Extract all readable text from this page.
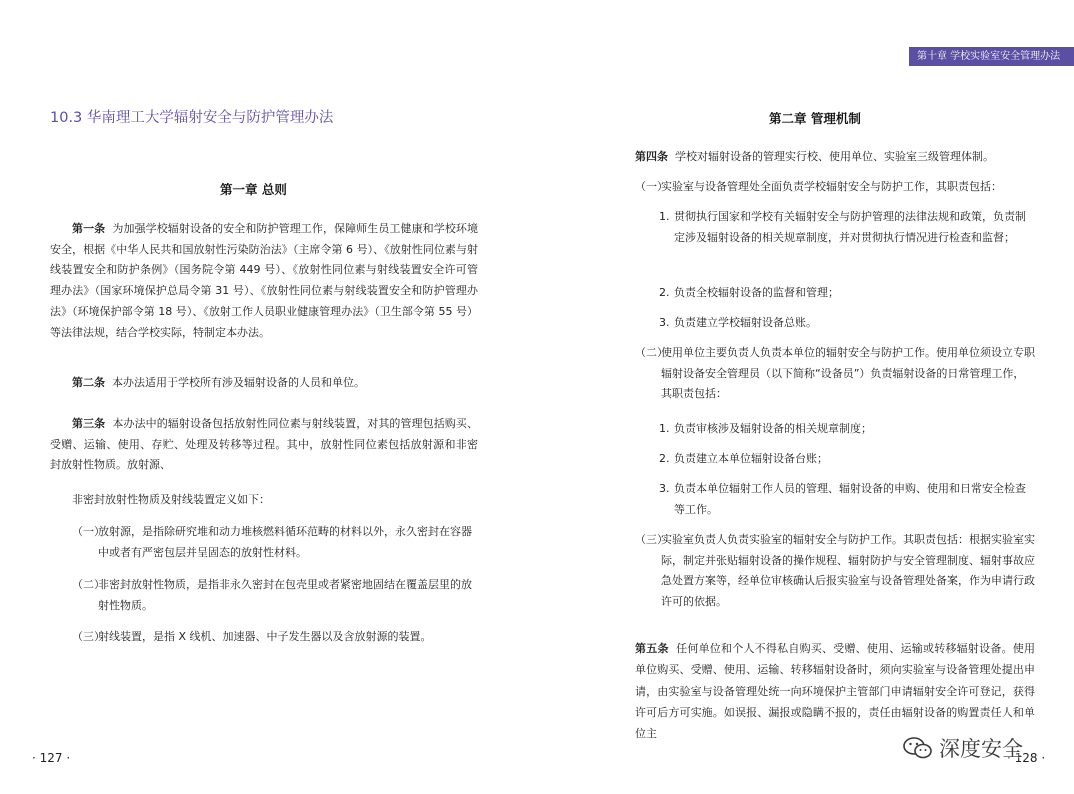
第十章 学校实验室安全管理办法
10.3 华南理工大学辐射安全与防护管理办法
第一章 总则
第一条 为加强学校辐射设备的安全和防护管理工作，保障师生员工健康和学校环境安全，根据《中华人民共和国放射性污染防治法》（主席令第 6 号）、《放射性同位素与射线装置安全和防护条例》（国务院令第 449 号）、《放射性同位素与射线装置安全许可管理办法》（国家环境保护总局令第 31 号）、《放射性同位素与射线装置安全和防护管理办法》（环境保护部令第 18 号）、《放射工作人员职业健康管理办法》（卫生部令第 55 号）等法律法规，结合学校实际，特制定本办法。
第二条 本办法适用于学校所有涉及辐射设备的人员和单位。
第三条 本办法中的辐射设备包括放射性同位素与射线装置，对其的管理包括购买、受赠、运输、使用、存贮、处理及转移等过程。其中，放射性同位素包括放射源和非密封放射性物质。放射源、
非密封放射性物质及射线装置定义如下：
（一）
放射源，是指除研究堆和动力堆核燃料循环范畴的材料以外，永久密封在容器中或者有严密包层并呈固态的放射性材料。
（二）
非密封放射性物质，是指非永久密封在包壳里或者紧密地固结在覆盖层里的放射性物质。
（三）
射线装置，是指 X 线机、加速器、中子发生器以及含放射源的装置。
· 127 ·
第二章 管理机制
第四条 学校对辐射设备的管理实行校、使用单位、实验室三级管理体制。
（一）
实验室与设备管理处全面负责学校辐射安全与防护工作，其职责包括：
1. 贯彻执行国家和学校有关辐射安全与防护管理的法律法规和政策，负责制定涉及辐射设备的相关规章制度，并对贯彻执行情况进行检查和监督；
2. 负责全校辐射设备的监督和管理；
3. 负责建立学校辐射设备总账。
（二）
使用单位主要负责人负责本单位的辐射安全与防护工作。使用单位须设立专职辐射设备安全管理员（以下简称“设备员”）负责辐射设备的日常管理工作，其职责包括：
1. 负责审核涉及辐射设备的相关规章制度；
2. 负责建立本单位辐射设备台账；
3. 负责本单位辐射工作人员的管理、辐射设备的申购、使用和日常安全检查等工作。
（三）
实验室负责人负责实验室的辐射安全与防护工作。其职责包括：根据实验室实际，制定并张贴辐射设备的操作规程、辐射防护与安全管理制度、辐射事故应急处置方案等，经单位审核确认后报实验室与设备管理处备案，作为申请行政许可的依据。
第五条 任何单位和个人不得私自购买、受赠、使用、运输或转移辐射设备。使用单位购买、受赠、使用、运输、转移辐射设备时，须向实验室与设备管理处提出申请，由实验室与设备管理处统一向环境保护主管部门申请辐射安全许可登记，获得许可后方可实施。如误报、漏报或隐瞒不报的，责任由辐射设备的购置责任人和单位主
· 128 ·
深度安全
